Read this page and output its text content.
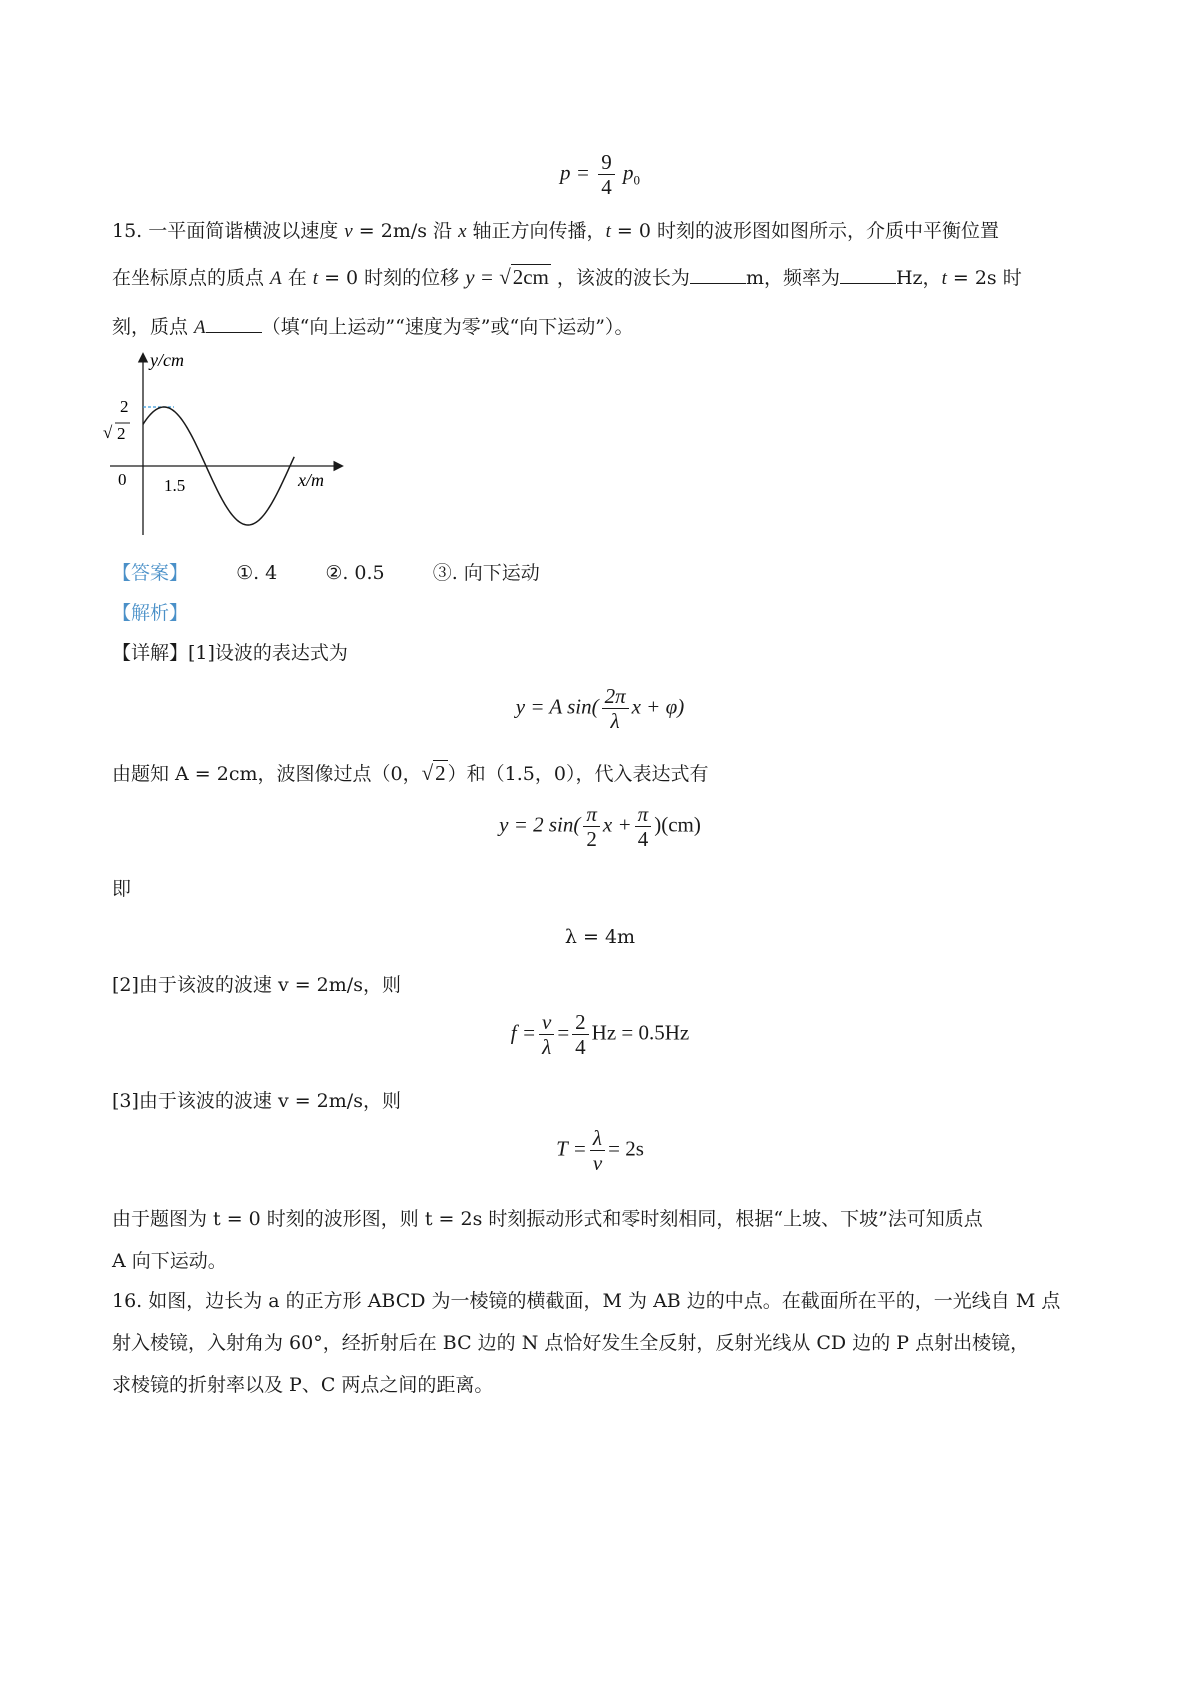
$p = \frac{9}{4} p_0$
15. 一平面简谐横波以速度 v = 2m/s 沿 x 轴正方向传播，t = 0 时刻的波形图如图所示，介质中平衡位置
在坐标原点的质点 A 在 t = 0 时刻的位移 y = √2cm ，该波的波长为	m，频率为	Hz，t = 2s 时
刻，质点 A	（填“向上运动”“速度为零”或“向下运动”）。
y/cm
x/m
0
2
√ 2
1.5
【答案】	①. 4	②. 0.5	③. 向下运动
【解析】
【详解】[1]设波的表达式为
y = A $\sin( \frac{2\pi}{\lambda}$ x + φ)
由题知 A = 2cm，波图像过点（0，√2 ）和（1.5，0），代入表达式有
y = 2 $\sin( \frac{\pi}{2}$ $x + \frac{\pi}{4} )(cm)$
即
λ = 4m
[2]由于该波的波速 v = 2m/s，则
$f = \frac{v}{\lambda} = \frac{2}{4}$ Hz = 0.5Hz
[3]由于该波的波速 v = 2m/s，则
$T = \frac{\lambda}{v} = 2s$
由于题图为 t = 0 时刻的波形图，则 t = 2s 时刻振动形式和零时刻相同，根据“上坡、下坡”法可知质点
A 向下运动。
16. 如图，边长为 a 的正方形 ABCD 为一棱镜的横截面，M 为 AB 边的中点。在截面所在平的，一光线自 M 点
射入棱镜，入射角为 60°，经折射后在 BC 边的 N 点恰好发生全反射，反射光线从 CD 边的 P 点射出棱镜，
求棱镜的折射率以及 P、C 两点之间的距离。
